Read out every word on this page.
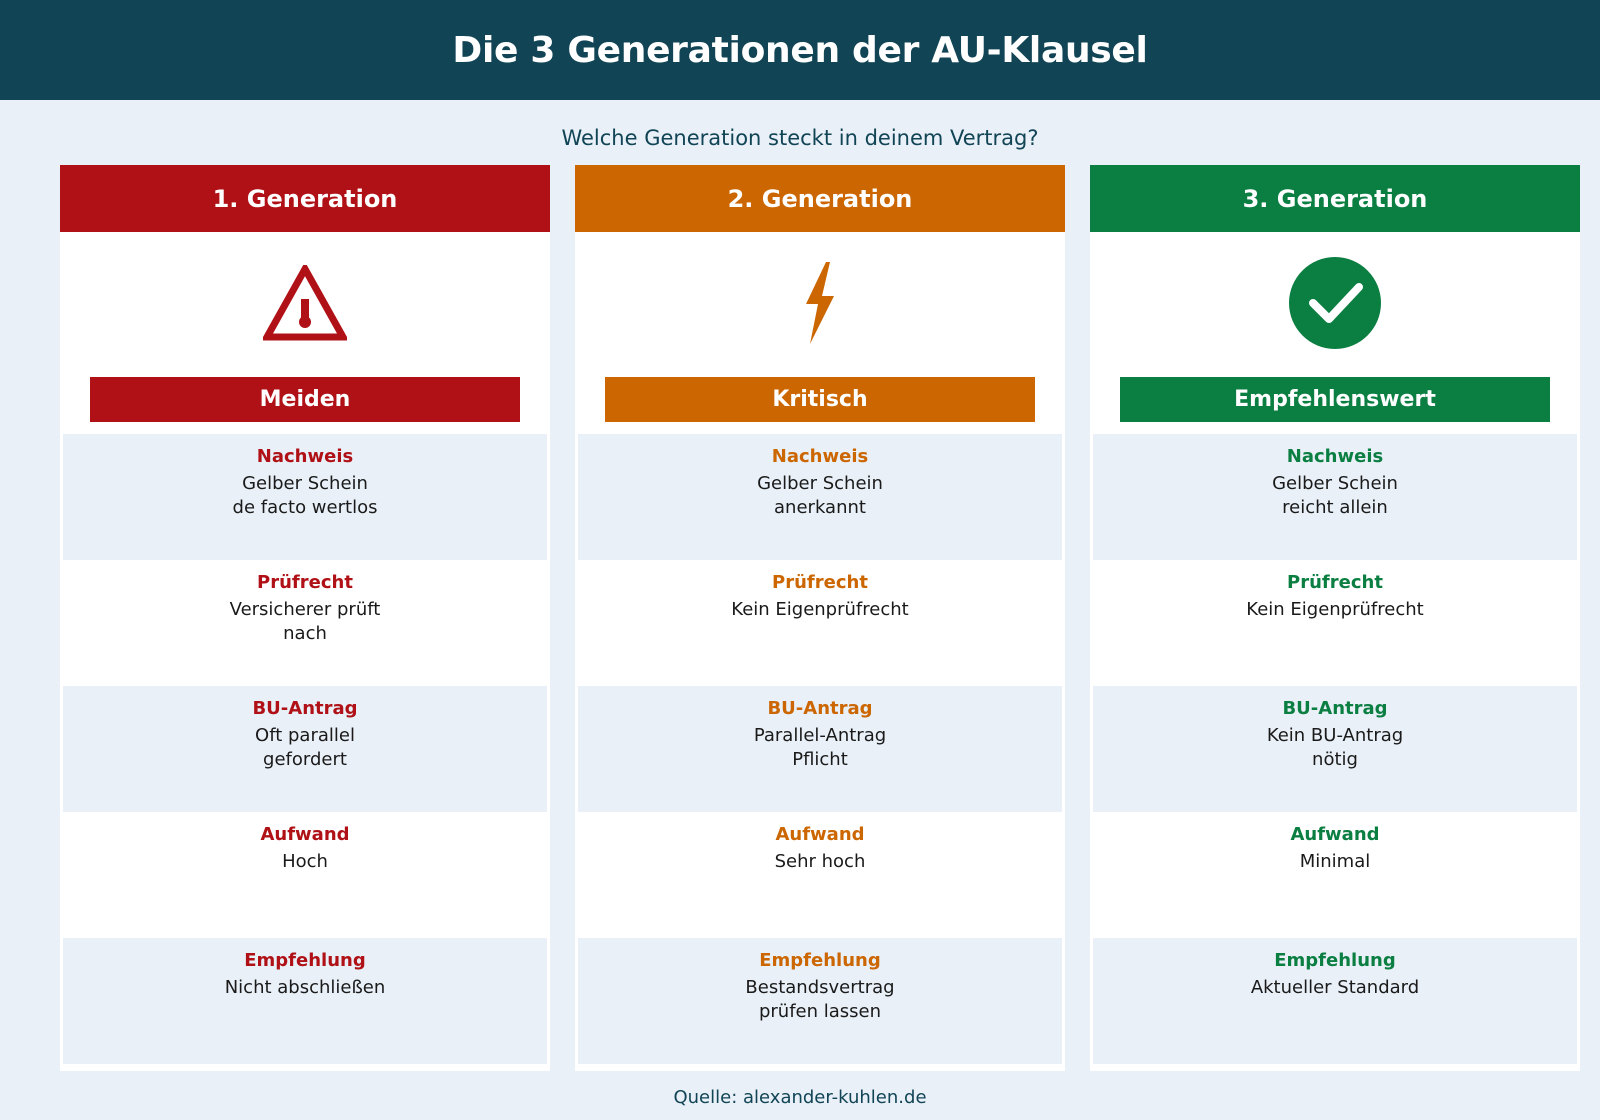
Die 3 Generationen der AU-Klausel
Welche Generation steckt in deinem Vertrag?
1. Generation
Meiden
Nachweis
Gelber Schein
de facto wertlos
Prüfrecht
Versicherer prüft
nach
BU-Antrag
Oft parallel
gefordert
Aufwand
Hoch
Empfehlung
Nicht abschließen
2. Generation
Kritisch
Nachweis
Gelber Schein
anerkannt
Prüfrecht
Kein Eigenprüfrecht
BU-Antrag
Parallel-Antrag
Pflicht
Aufwand
Sehr hoch
Empfehlung
Bestandsvertrag
prüfen lassen
3. Generation
Empfehlenswert
Nachweis
Gelber Schein
reicht allein
Prüfrecht
Kein Eigenprüfrecht
BU-Antrag
Kein BU-Antrag
nötig
Aufwand
Minimal
Empfehlung
Aktueller Standard
Quelle: alexander-kuhlen.de
